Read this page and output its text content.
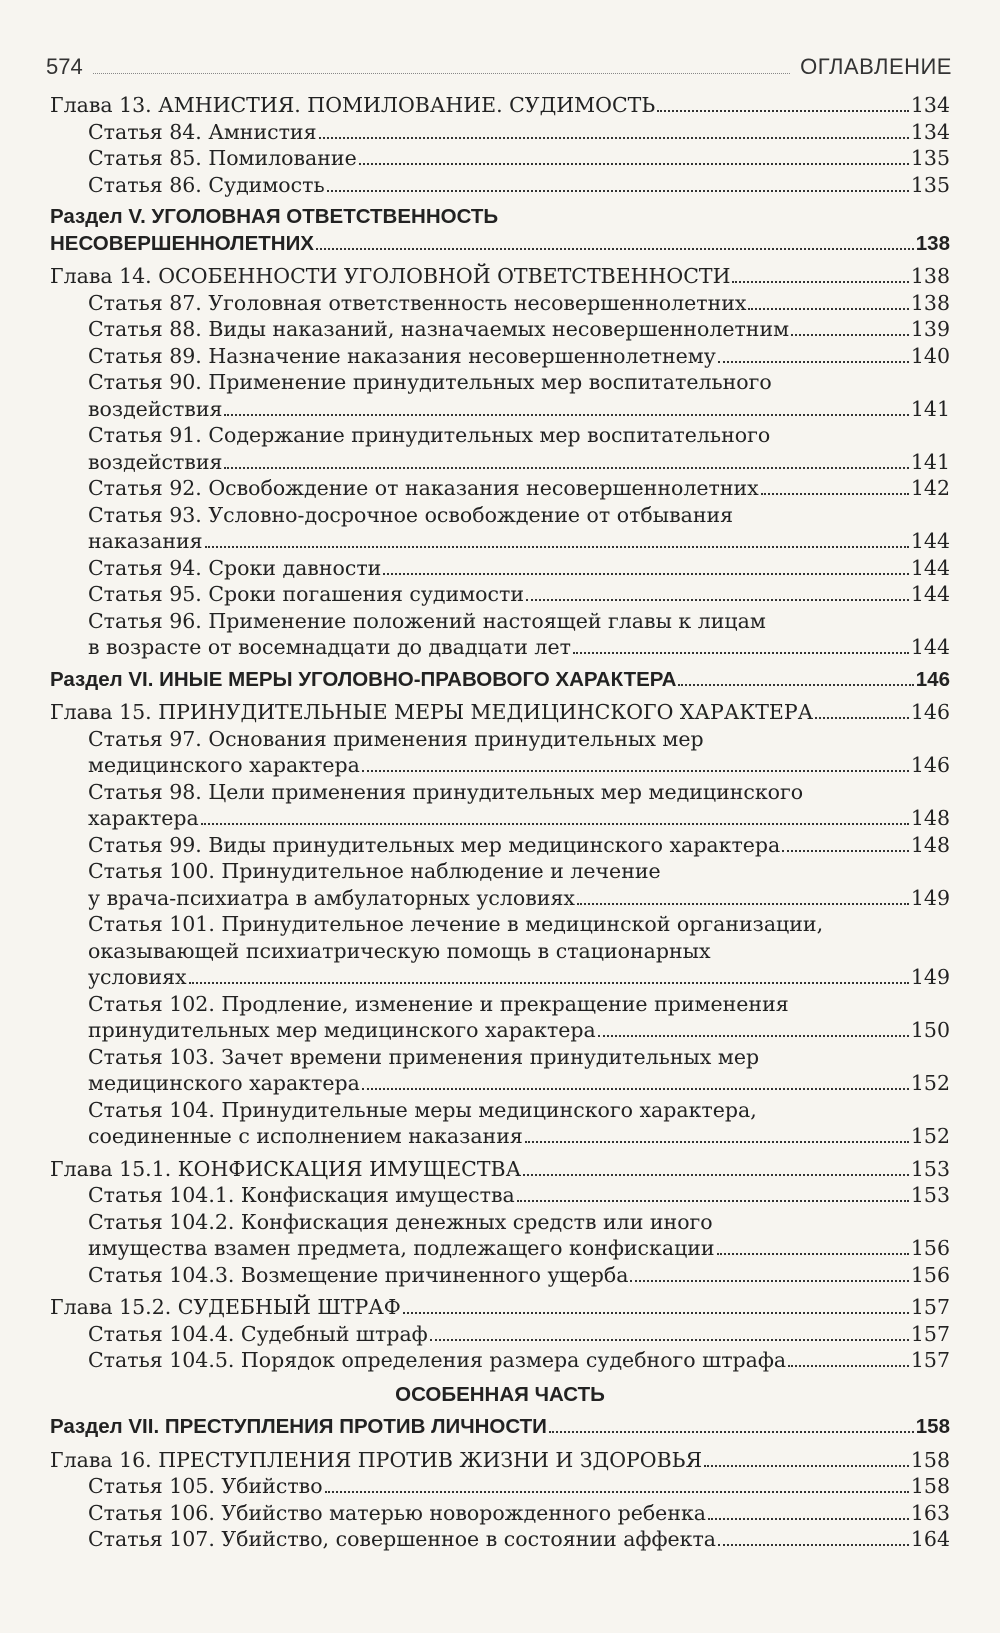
574	ОГЛАВЛЕНИЕ
Глава 13. АМНИСТИЯ. ПОМИЛОВАНИЕ. СУДИМОСТЬ	134
Статья 84. Амнистия	134
Статья 85. Помилование	135
Статья 86. Судимость	135
Раздел V. УГОЛОВНАЯ ОТВЕТСТВЕННОСТЬ
НЕСОВЕРШЕННОЛЕТНИХ	138
Глава 14. ОСОБЕННОСТИ УГОЛОВНОЙ ОТВЕТСТВЕННОСТИ	138
Статья 87. Уголовная ответственность несовершеннолетних	138
Статья 88. Виды наказаний, назначаемых несовершеннолетним	139
Статья 89. Назначение наказания несовершеннолетнему	140
Статья 90. Применение принудительных мер воспитательного
воздействия	141
Статья 91. Содержание принудительных мер воспитательного
воздействия	141
Статья 92. Освобождение от наказания несовершеннолетних	142
Статья 93. Условно-досрочное освобождение от отбывания
наказания	144
Статья 94. Сроки давности	144
Статья 95. Сроки погашения судимости	144
Статья 96. Применение положений настоящей главы к лицам
в возрасте от восемнадцати до двадцати лет	144
Раздел VI. ИНЫЕ МЕРЫ УГОЛОВНО-ПРАВОВОГО ХАРАКТЕРА	146
Глава 15. ПРИНУДИТЕЛЬНЫЕ МЕРЫ МЕДИЦИНСКОГО ХАРАКТЕРА	146
Статья 97. Основания применения принудительных мер
медицинского характера	146
Статья 98. Цели применения принудительных мер медицинского
характера	148
Статья 99. Виды принудительных мер медицинского характера	148
Статья 100. Принудительное наблюдение и лечение
у врача-психиатра в амбулаторных условиях	149
Статья 101. Принудительное лечение в медицинской организации,
оказывающей психиатрическую помощь в стационарных
условиях	149
Статья 102. Продление, изменение и прекращение применения
принудительных мер медицинского характера	150
Статья 103. Зачет времени применения принудительных мер
медицинского характера	152
Статья 104. Принудительные меры медицинского характера,
соединенные с исполнением наказания	152
Глава 15.1. КОНФИСКАЦИЯ ИМУЩЕСТВА	153
Статья 104.1. Конфискация имущества	153
Статья 104.2. Конфискация денежных средств или иного
имущества взамен предмета, подлежащего конфискации	156
Статья 104.3. Возмещение причиненного ущерба	156
Глава 15.2. СУДЕБНЫЙ ШТРАФ	157
Статья 104.4. Судебный штраф	157
Статья 104.5. Порядок определения размера судебного штрафа	157
ОСОБЕННАЯ ЧАСТЬ
Раздел VII. ПРЕСТУПЛЕНИЯ ПРОТИВ ЛИЧНОСТИ	158
Глава 16. ПРЕСТУПЛЕНИЯ ПРОТИВ ЖИЗНИ И ЗДОРОВЬЯ	158
Статья 105. Убийство	158
Статья 106. Убийство матерью новорожденного ребенка	163
Статья 107. Убийство, совершенное в состоянии аффекта	164
